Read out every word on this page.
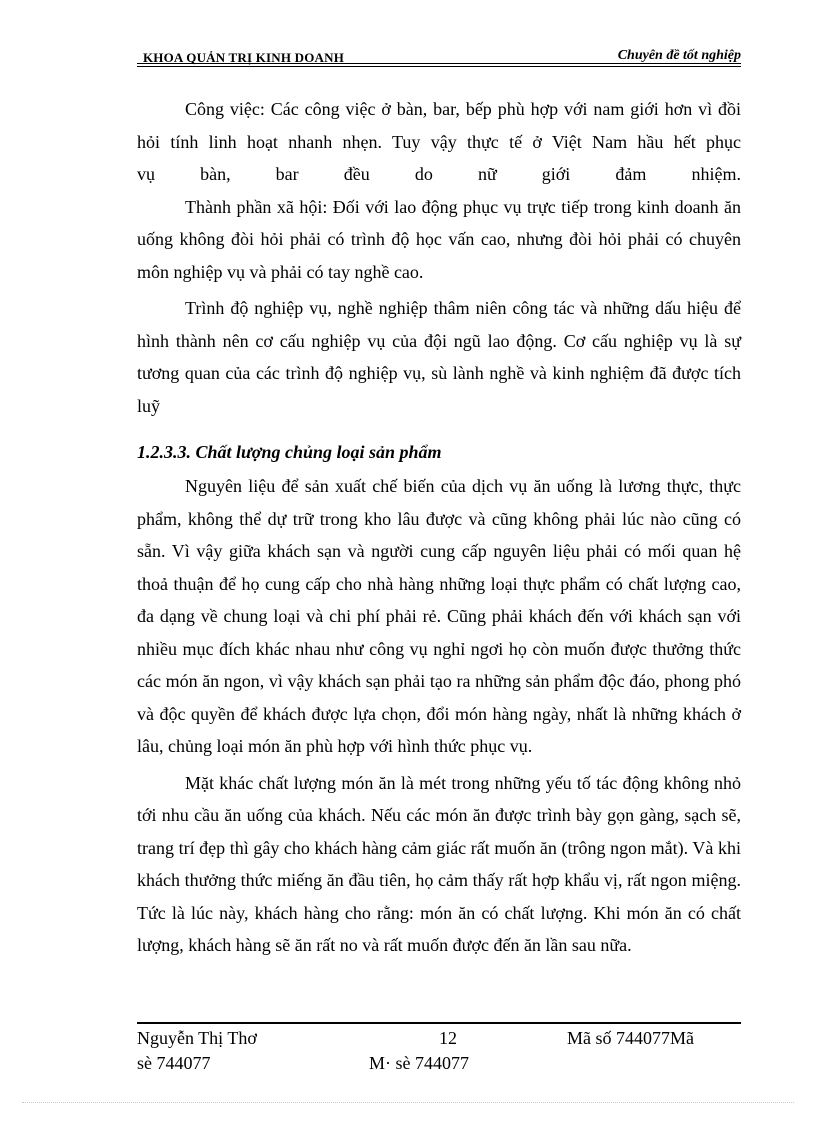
KHOA QUẢN TRỊ KINH DOANH	Chuyên đề tốt nghiệp

Công việc: Các công việc ở bàn, bar, bếp phù hợp với nam giới hơn vì đồi hỏi tính linh hoạt nhanh nhẹn. Tuy vậy thực tế ở Việt Nam hầu hết phục

vụ bàn, bar đều do nữ giới đảm nhiệm.

Thành phần xã hội: Đối với lao động phục vụ trực tiếp trong kinh doanh ăn uống không đòi hỏi phải có trình độ học vấn cao, nhưng đòi hỏi phải có chuyên môn nghiệp vụ và phải có tay nghề cao.

Trình độ nghiệp vụ, nghề nghiệp thâm niên công tác và những dấu hiệu để hình thành nên cơ cấu nghiệp vụ của đội ngũ lao động. Cơ cấu nghiệp vụ là sự tương quan của các trình độ nghiệp vụ, sù lành nghề và kinh nghiệm đã được tích luỹ

1.2.3.3. Chất lượng chủng loại sản phẩm

Nguyên liệu để sản xuất chế biến của dịch vụ ăn uống là lương thực, thực phẩm, không thể dự trữ trong kho lâu được và cũng không phải lúc nào cũng có sẵn. Vì vậy giữa khách sạn và người cung cấp nguyên liệu phải có mối quan hệ thoả thuận để họ cung cấp cho nhà hàng những loại thực phẩm có chất lượng cao, đa dạng về chung loại và chi phí phải rẻ. Cũng phải khách đến với khách sạn với nhiều mục đích khác nhau như công vụ nghỉ ngơi họ còn muốn được thưởng thức các món ăn ngon, vì vậy khách sạn phải tạo ra những sản phẩm độc đáo, phong phó và độc quyền để khách được lựa chọn, đổi món hàng ngày, nhất là những khách ở lâu, chủng loại món ăn phù hợp với hình thức phục vụ.

Mặt khác chất lượng món ăn là mét trong những yếu tố tác động không nhỏ tới nhu cầu ăn uống của khách. Nếu các món ăn được trình bày gọn gàng, sạch sẽ, trang trí đẹp thì gây cho khách hàng cảm giác rất muốn ăn (trông ngon mắt). Và khi khách thưởng thức miếng ăn đầu tiên, họ cảm thấy rất hợp khẩu vị, rất ngon miệng. Tức là lúc này, khách hàng cho rằng: món ăn có chất lượng. Khi món ăn có chất lượng, khách hàng sẽ ăn rất no và rất muốn được đến ăn lần sau nữa.

Nguyễn Thị Thơ
sè 744077
12
M· sè 744077
Mã số 744077Mã
